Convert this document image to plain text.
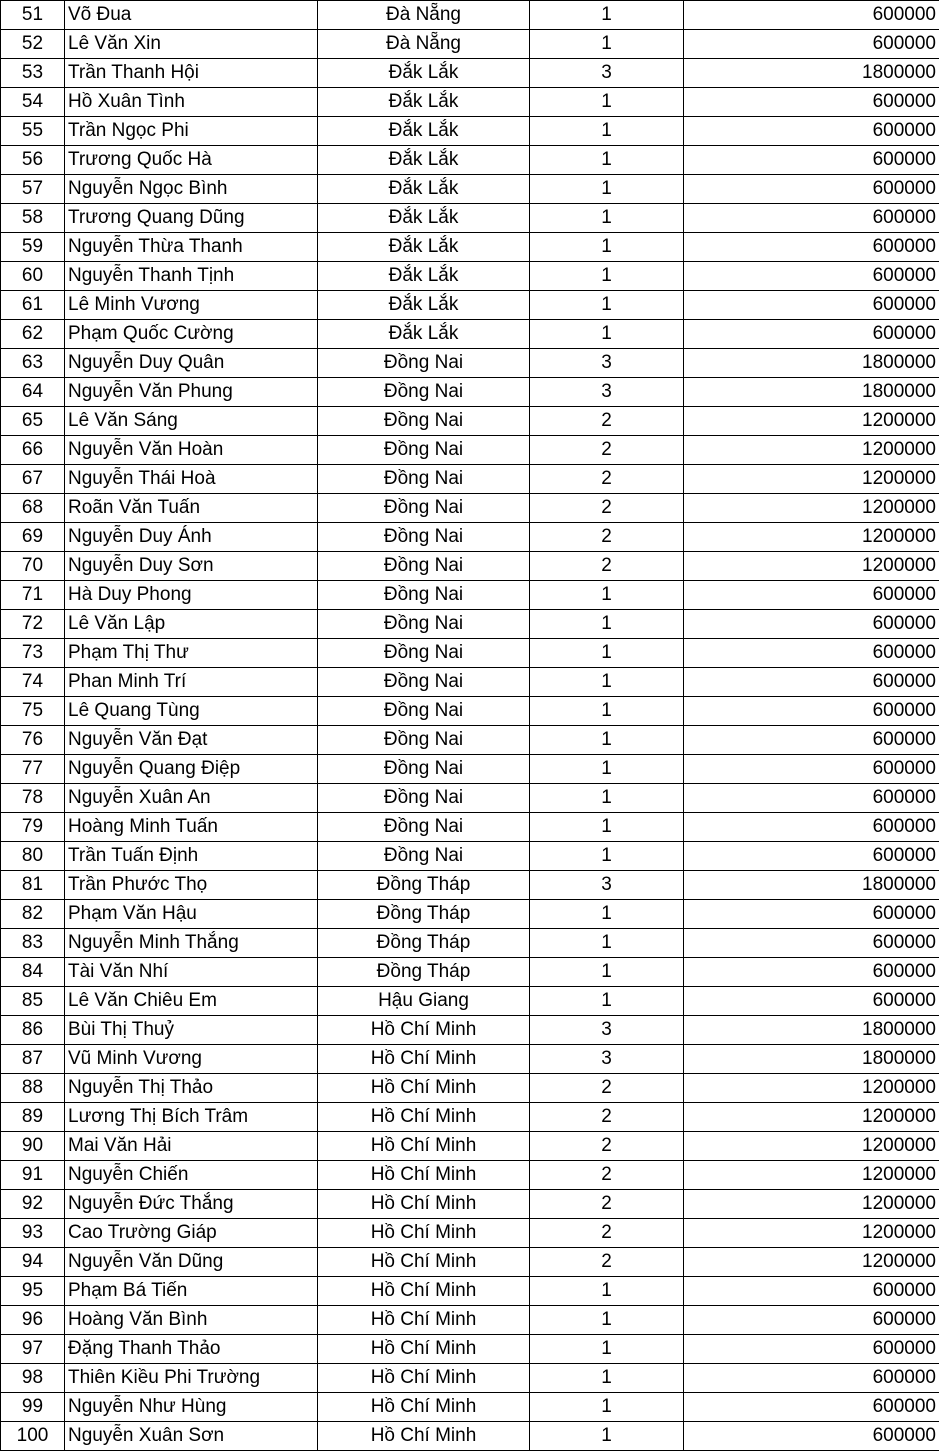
51	Võ Đua	Đà Nẵng	1	600000
52	Lê Văn Xin	Đà Nẵng	1	600000
53	Trần Thanh Hội	Đắk Lắk	3	1800000
54	Hồ Xuân Tình	Đắk Lắk	1	600000
55	Trần Ngọc Phi	Đắk Lắk	1	600000
56	Trương Quốc Hà	Đắk Lắk	1	600000
57	Nguyễn Ngọc Bình	Đắk Lắk	1	600000
58	Trương Quang Dũng	Đắk Lắk	1	600000
59	Nguyễn Thừa Thanh	Đắk Lắk	1	600000
60	Nguyễn Thanh Tịnh	Đắk Lắk	1	600000
61	Lê Minh Vương	Đắk Lắk	1	600000
62	Phạm Quốc Cường	Đắk Lắk	1	600000
63	Nguyễn Duy Quân	Đồng Nai	3	1800000
64	Nguyễn Văn Phung	Đồng Nai	3	1800000
65	Lê Văn Sáng	Đồng Nai	2	1200000
66	Nguyễn Văn Hoàn	Đồng Nai	2	1200000
67	Nguyễn Thái Hoà	Đồng Nai	2	1200000
68	Roãn Văn Tuấn	Đồng Nai	2	1200000
69	Nguyễn Duy Ánh	Đồng Nai	2	1200000
70	Nguyễn Duy Sơn	Đồng Nai	2	1200000
71	Hà Duy Phong	Đồng Nai	1	600000
72	Lê Văn Lập	Đồng Nai	1	600000
73	Phạm Thị Thư	Đồng Nai	1	600000
74	Phan Minh Trí	Đồng Nai	1	600000
75	Lê Quang Tùng	Đồng Nai	1	600000
76	Nguyễn Văn Đạt	Đồng Nai	1	600000
77	Nguyễn Quang Điệp	Đồng Nai	1	600000
78	Nguyễn Xuân An	Đồng Nai	1	600000
79	Hoàng Minh Tuấn	Đồng Nai	1	600000
80	Trần Tuấn Định	Đồng Nai	1	600000
81	Trần Phước Thọ	Đồng Tháp	3	1800000
82	Phạm Văn Hậu	Đồng Tháp	1	600000
83	Nguyễn Minh Thắng	Đồng Tháp	1	600000
84	Tài Văn Nhí	Đồng Tháp	1	600000
85	Lê Văn Chiêu Em	Hậu Giang	1	600000
86	Bùi Thị Thuỷ	Hồ Chí Minh	3	1800000
87	Vũ Minh Vương	Hồ Chí Minh	3	1800000
88	Nguyễn Thị Thảo	Hồ Chí Minh	2	1200000
89	Lương Thị Bích Trâm	Hồ Chí Minh	2	1200000
90	Mai Văn Hải	Hồ Chí Minh	2	1200000
91	Nguyễn Chiến	Hồ Chí Minh	2	1200000
92	Nguyễn Đức Thắng	Hồ Chí Minh	2	1200000
93	Cao Trường Giáp	Hồ Chí Minh	2	1200000
94	Nguyễn Văn Dũng	Hồ Chí Minh	2	1200000
95	Phạm Bá Tiến	Hồ Chí Minh	1	600000
96	Hoàng Văn Bình	Hồ Chí Minh	1	600000
97	Đặng Thanh Thảo	Hồ Chí Minh	1	600000
98	Thiên Kiều Phi Trường	Hồ Chí Minh	1	600000
99	Nguyễn Như Hùng	Hồ Chí Minh	1	600000
100	Nguyễn Xuân Sơn	Hồ Chí Minh	1	600000
